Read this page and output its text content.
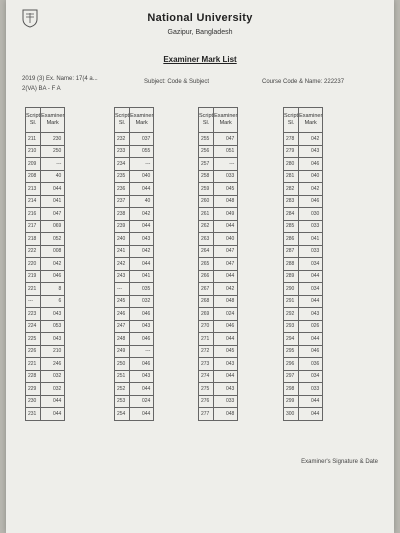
National University
Gazipur, Bangladesh
Examiner Mark List
2019 (3) Ex. Name: 17(4 a...
2(VA) BA - F A
Subject: Code & Subject	Course Code & Name: 222237
Script Sl.	Examiner Mark
211	230
210	250
209	---
208	40
213	044
214	041
216	047
217	069
218	052
222	008
220	042
219	046
221	8
---	6
223	043
224	053
225	043
226	210
221	246
228	032
229	032
230	044
231	044
Script Sl.	Examiner Mark
232	037
233	055
234	---
235	040
236	044
237	40
238	042
239	044
240	043
241	042
242	044
243	041
---	035
245	032
246	046
247	043
248	046
249	---
250	046
251	043
252	044
253	024
254	044
Script Sl.	Examiner Mark
255	047
256	051
257	---
258	033
259	045
260	048
261	049
262	044
263	040
264	047
265	047
266	044
267	042
268	048
269	024
270	046
271	044
272	045
273	043
274	044
275	043
276	033
277	048
Script Sl.	Examiner Mark
278	042
279	043
280	046
281	040
282	042
283	046
284	030
285	033
286	041
287	033
288	034
289	044
290	034
291	044
292	043
293	026
294	044
295	046
296	036
297	034
298	033
299	044
300	044
Examiner's Signature & Date
